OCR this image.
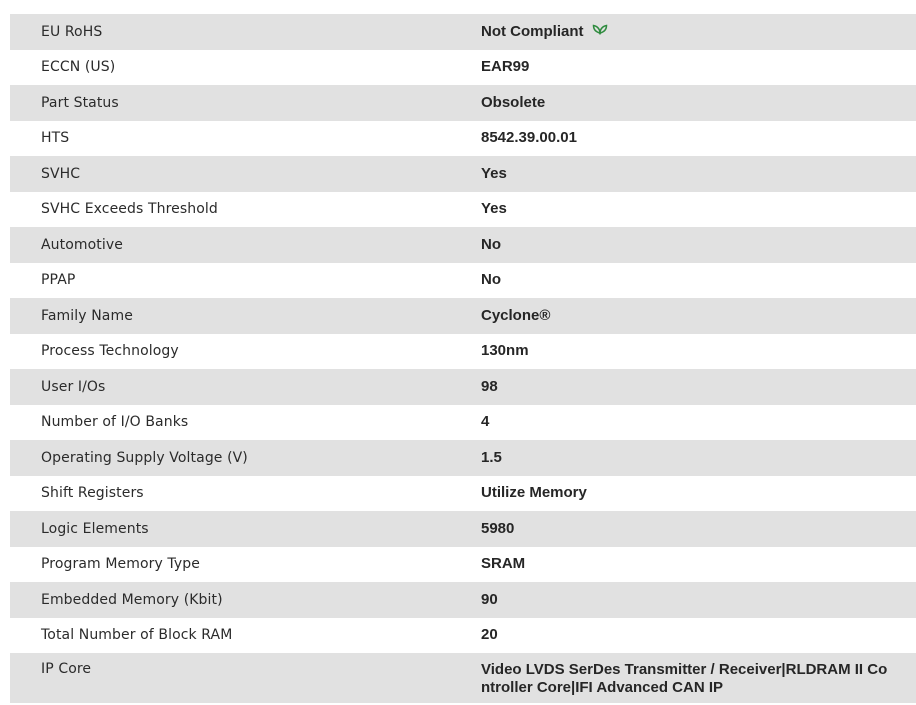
EU RoHS	Not Compliant
ECCN (US)	EAR99
Part Status	Obsolete
HTS	8542.39.00.01
SVHC	Yes
SVHC Exceeds Threshold	Yes
Automotive	No
PPAP	No
Family Name	Cyclone®
Process Technology	130nm
User I/Os	98
Number of I/O Banks	4
Operating Supply Voltage (V)	1.5
Shift Registers	Utilize Memory
Logic Elements	5980
Program Memory Type	SRAM
Embedded Memory (Kbit)	90
Total Number of Block RAM	20
IP Core	Video LVDS SerDes Transmitter / Receiver|RLDRAM II Controller Core|IFI Advanced CAN IP
